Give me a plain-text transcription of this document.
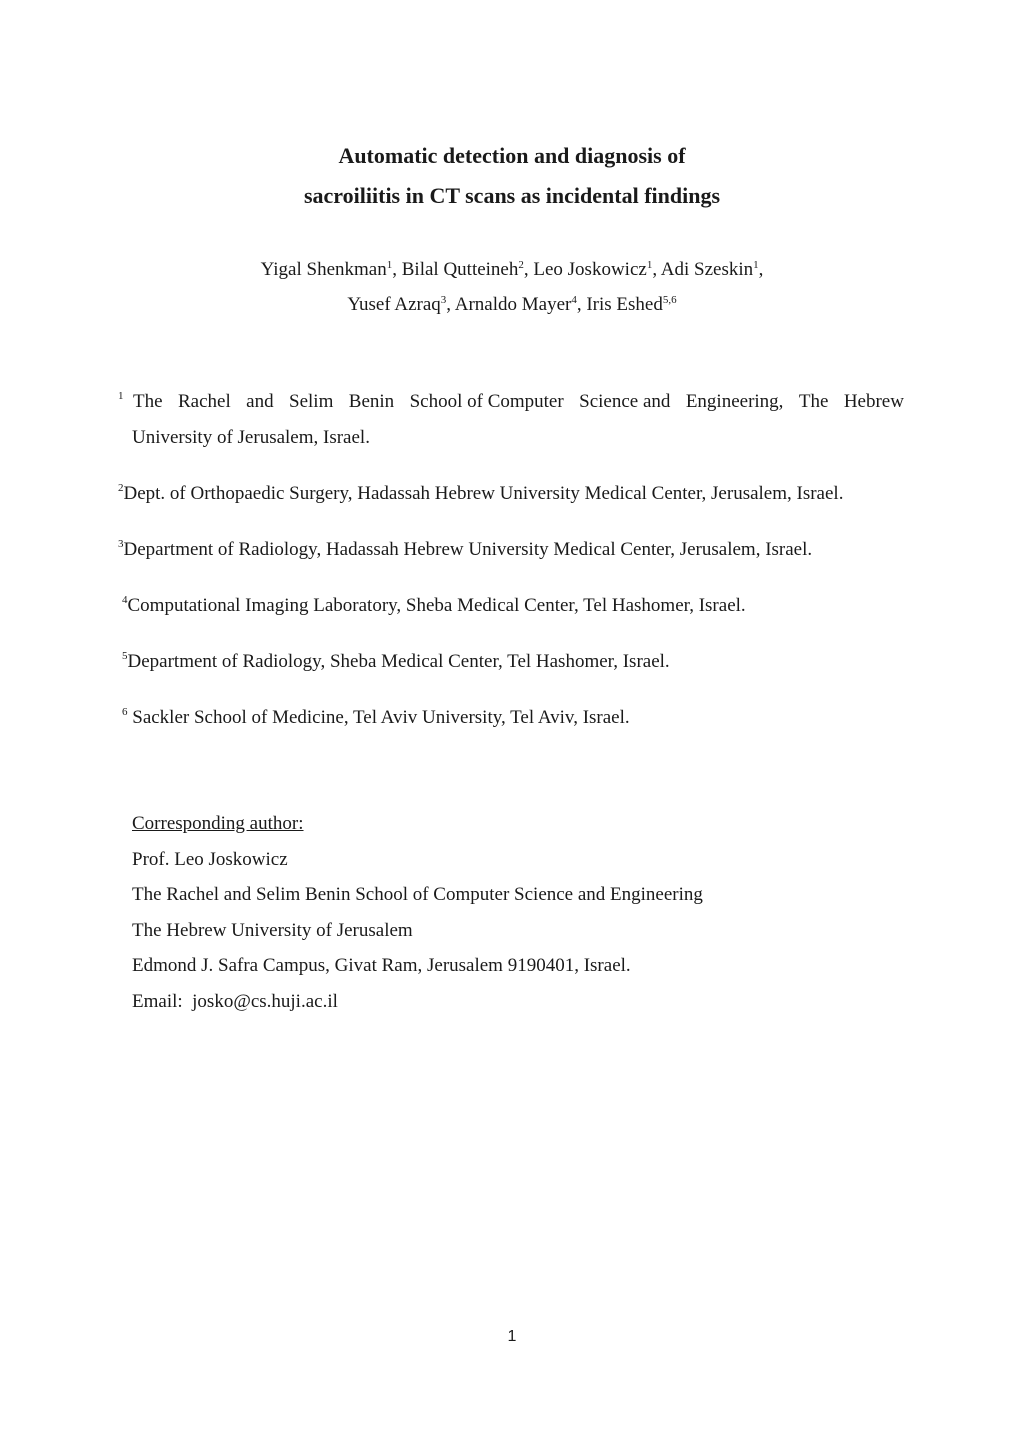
Automatic detection and diagnosis of
sacroiliitis in CT scans as incidental findings
Yigal Shenkman$^1$, Bilal Qutteineh$^2$, Leo Joskowicz$^1$, Adi Szeskin$^1$,
Yusef Azraq$^3$, Arnaldo Mayer$^4$, Iris Eshed$^{5,6}$
$^1$ The Rachel and Selim Benin School of Computer Science and Engineering, The Hebrew
University of Jerusalem, Israel.
$^2$Dept. of Orthopaedic Surgery, Hadassah Hebrew University Medical Center, Jerusalem, Israel.
$^3$Department of Radiology, Hadassah Hebrew University Medical Center, Jerusalem, Israel.
$^4$Computational Imaging Laboratory, Sheba Medical Center, Tel Hashomer, Israel.
$^5$Department of Radiology, Sheba Medical Center, Tel Hashomer, Israel.
$^6$ Sackler School of Medicine, Tel Aviv University, Tel Aviv, Israel.
Corresponding author:
Prof. Leo Joskowicz
The Rachel and Selim Benin School of Computer Science and Engineering
The Hebrew University of Jerusalem
Edmond J. Safra Campus, Givat Ram, Jerusalem 9190401, Israel.
Email: josko@cs.huji.ac.il
1
